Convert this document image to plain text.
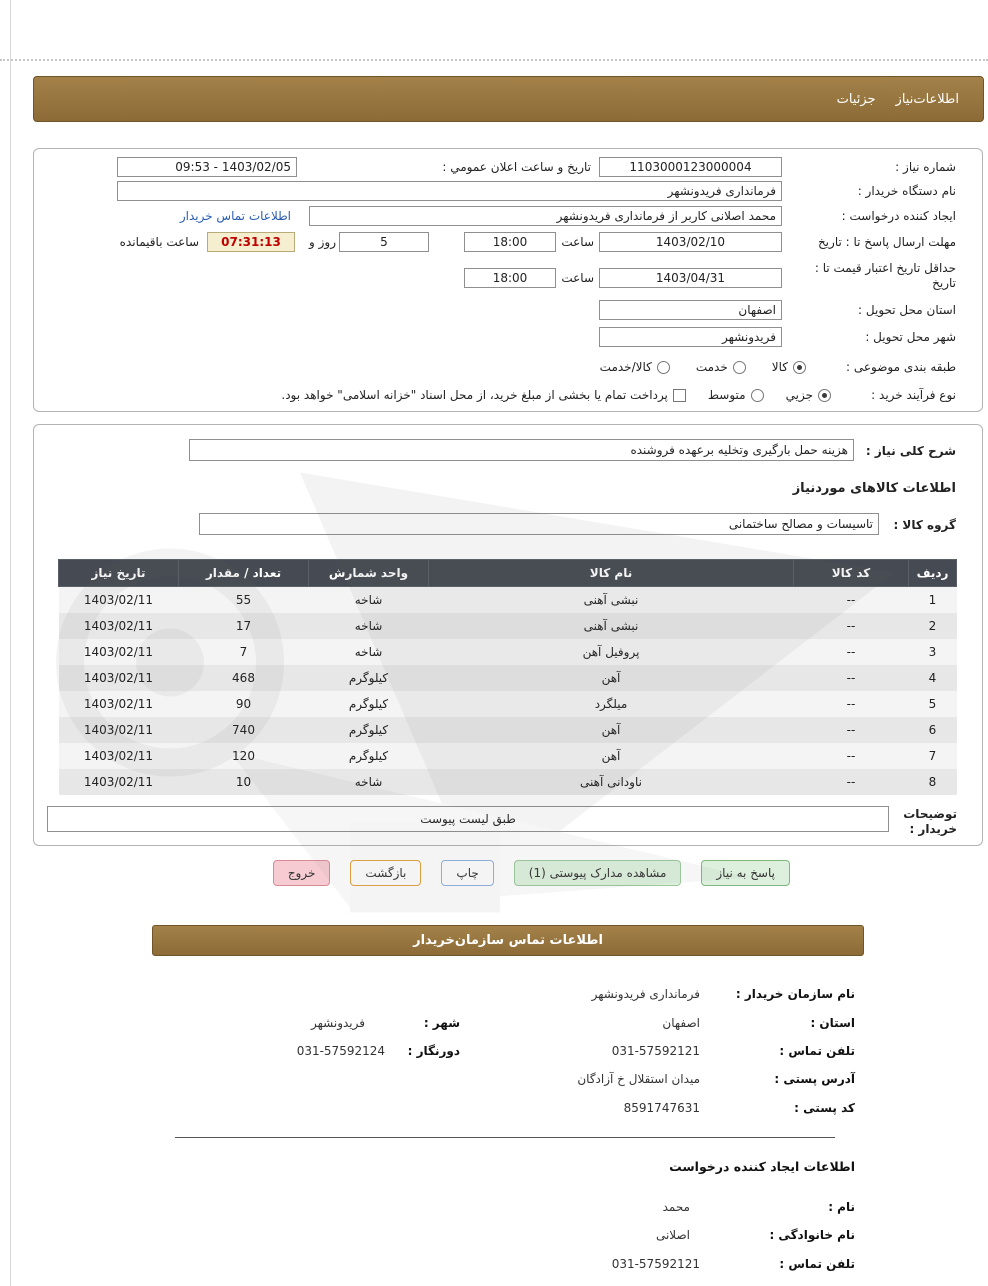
اطلاعات‌نیاز
جزئیات
شماره نیاز :
1103000123000004
تاریخ و ساعت اعلان عمومي :
1403/02/05 - 09:53
نام دستگاه خریدار :
فرمانداری فریدونشهر
ایجاد کننده درخواست :
محمد اصلانی کاربر از فرمانداری فریدونشهر
اطلاعات تماس خریدار
مهلت ارسال پاسخ تا : تاریخ
1403/02/10
ساعت
18:00
5
روز و
07:31:13
ساعت باقیمانده
حداقل تاریخ اعتبار قیمت تا : تاریخ
1403/04/31
ساعت
18:00
استان محل تحویل :
اصفهان
شهر محل تحویل :
فریدونشهر
طبقه بندی موضوعی :
کالا
خدمت
کالا/خدمت
نوع فرآیند خرید :
جزيي
متوسط
پرداخت تمام یا بخشی از مبلغ خرید، از محل اسناد "خزانه اسلامی" خواهد بود.
شرح کلی نیاز :
هزینه حمل بارگیری وتخلیه برعهده فروشنده
اطلاعات کالاهای موردنیاز
گروه کالا :
تاسیسات و مصالح ساختمانی
ردیف	کد کالا	نام کالا	واحد شمارش	تعداد / مقدار	تاریخ نیاز
1	--	نبشی آهنی	شاخه	55	1403/02/11
2	--	نبشی آهنی	شاخه	17	1403/02/11
3	--	پروفیل آهن	شاخه	7	1403/02/11
4	--	آهن	کیلوگرم	468	1403/02/11
5	--	میلگرد	کیلوگرم	90	1403/02/11
6	--	آهن	کیلوگرم	740	1403/02/11
7	--	آهن	کیلوگرم	120	1403/02/11
8	--	ناودانی آهنی	شاخه	10	1403/02/11
توضیحات خریدار :
طبق لیست پیوست
پاسخ به نیاز
مشاهده مدارک پیوستی (1)
چاپ
بازگشت
خروج
اطلاعات تماس سازمان‌خریدار
نام سازمان خریدار :
فرمانداری فریدونشهر
استان :
اصفهان
شهر :
فریدونشهر
تلفن تماس :
031-57592121
دورنگار :
031-57592124
آدرس پستی :
میدان استقلال خ آزادگان
کد پستی :
8591747631
اطلاعات ایجاد کننده درخواست
نام :
محمد
نام خانوادگی :
اصلانی
تلفن تماس :
031-57592121
